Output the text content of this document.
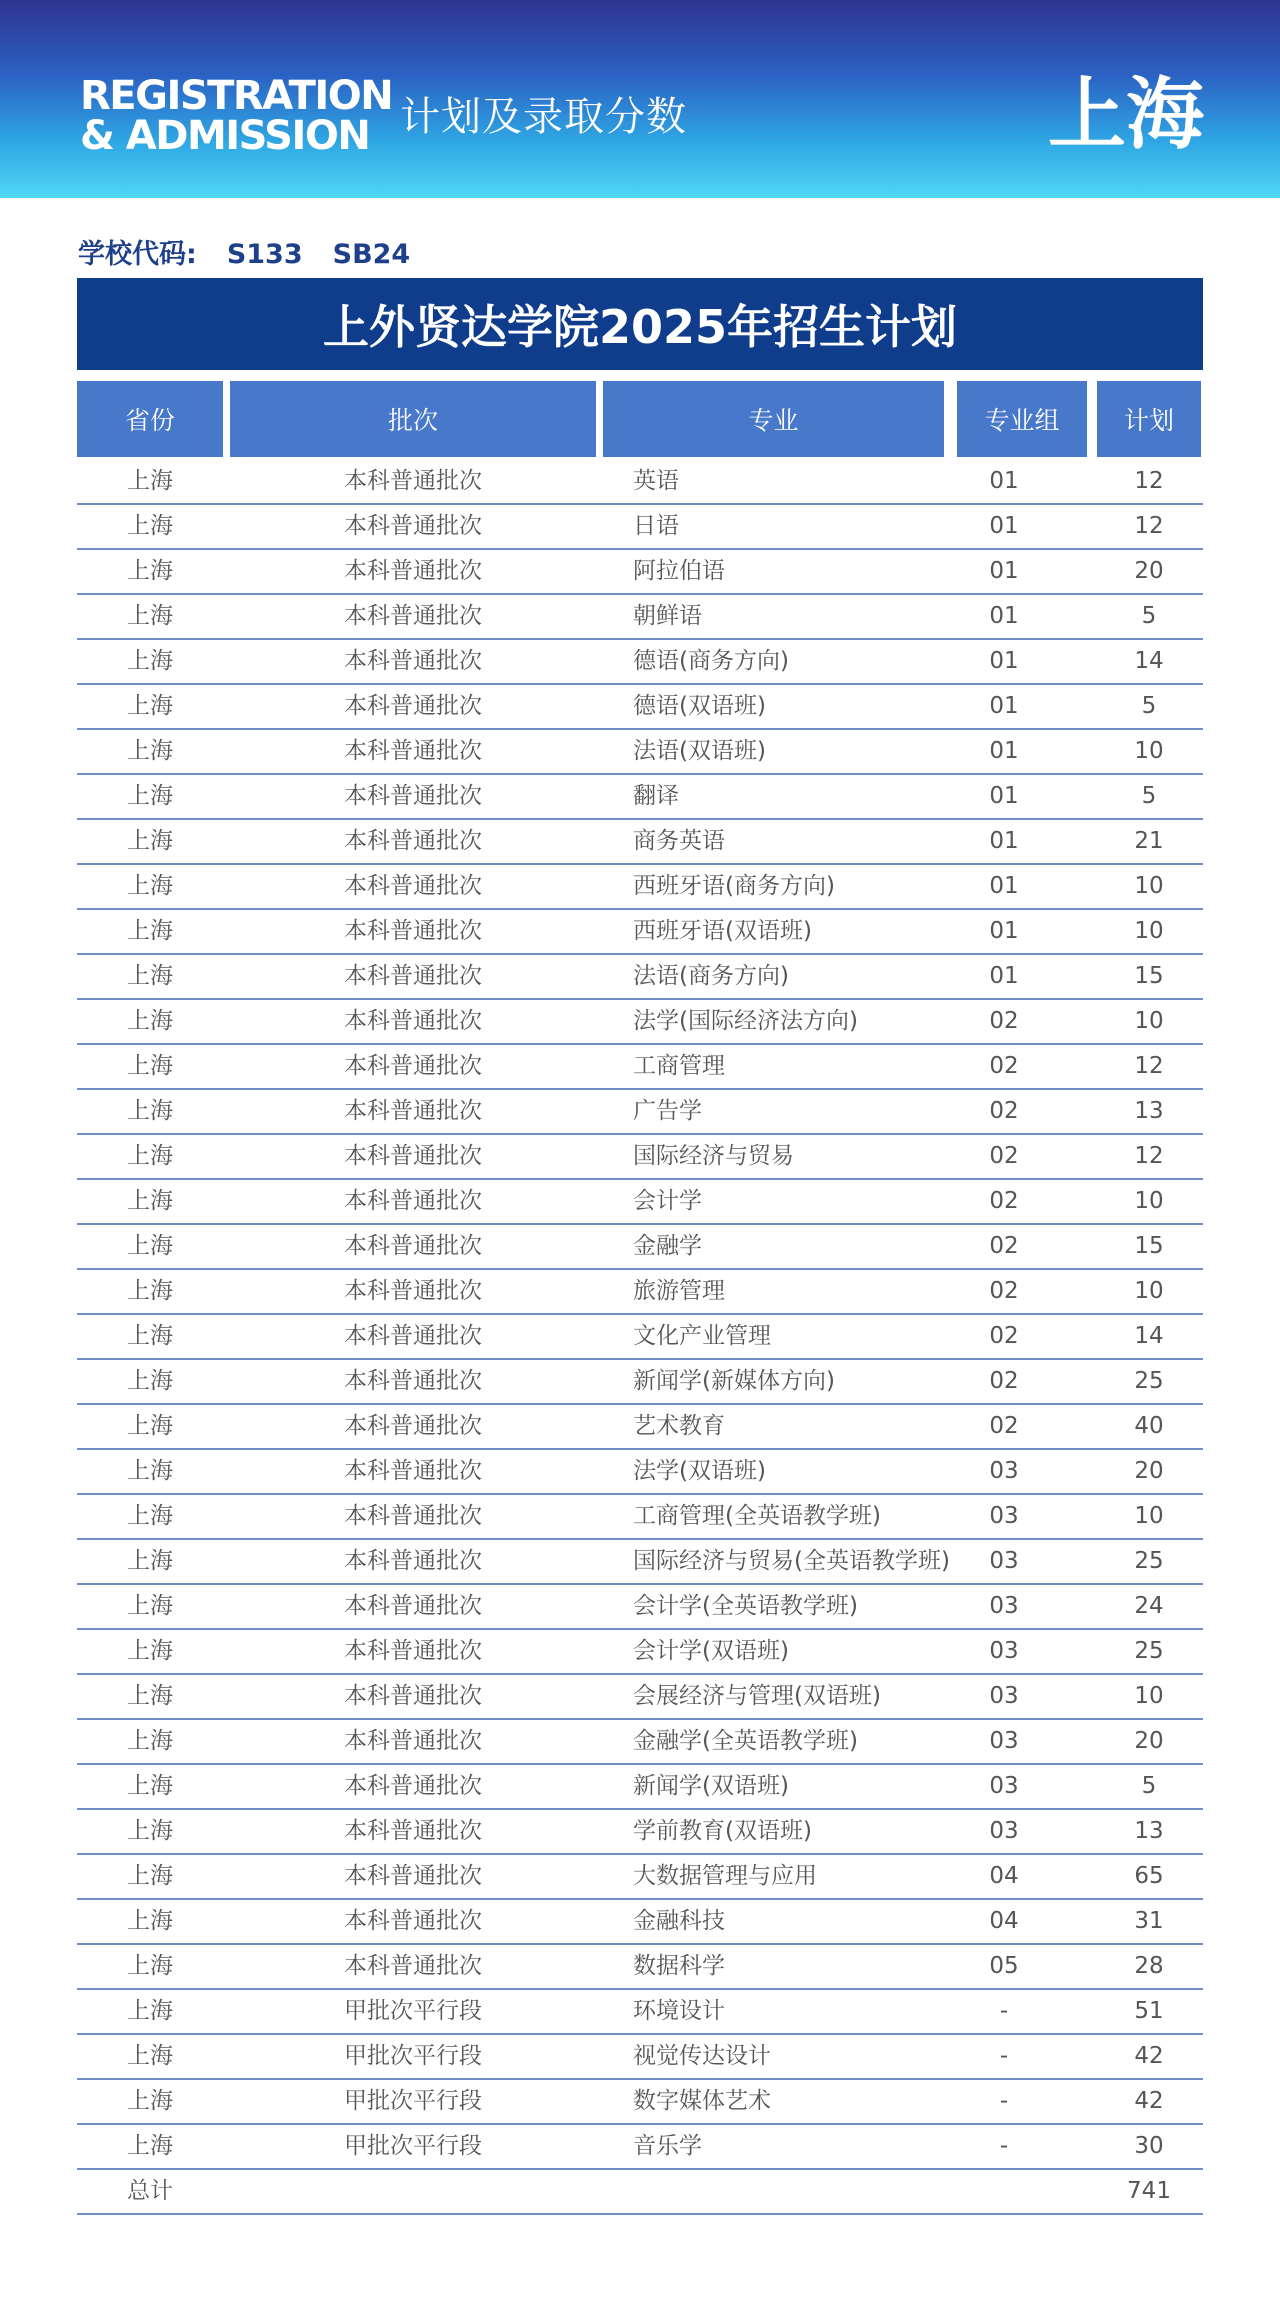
REGISTRATION
& ADMISSION 计划及录取分数	上海
学校代码: S133 SB24
上外贤达学院2025年招生计划
省份	批次	专业	专业组	计划
上海	本科普通批次	英语	01	12
上海	本科普通批次	日语	01	12
上海	本科普通批次	阿拉伯语	01	20
上海	本科普通批次	朝鲜语	01	5
上海	本科普通批次	德语(商务方向)	01	14
上海	本科普通批次	德语(双语班)	01	5
上海	本科普通批次	法语(双语班)	01	10
上海	本科普通批次	翻译	01	5
上海	本科普通批次	商务英语	01	21
上海	本科普通批次	西班牙语(商务方向)	01	10
上海	本科普通批次	西班牙语(双语班)	01	10
上海	本科普通批次	法语(商务方向)	01	15
上海	本科普通批次	法学(国际经济法方向)	02	10
上海	本科普通批次	工商管理	02	12
上海	本科普通批次	广告学	02	13
上海	本科普通批次	国际经济与贸易	02	12
上海	本科普通批次	会计学	02	10
上海	本科普通批次	金融学	02	15
上海	本科普通批次	旅游管理	02	10
上海	本科普通批次	文化产业管理	02	14
上海	本科普通批次	新闻学(新媒体方向)	02	25
上海	本科普通批次	艺术教育	02	40
上海	本科普通批次	法学(双语班)	03	20
上海	本科普通批次	工商管理(全英语教学班)	03	10
上海	本科普通批次	国际经济与贸易(全英语教学班)	03	25
上海	本科普通批次	会计学(全英语教学班)	03	24
上海	本科普通批次	会计学(双语班)	03	25
上海	本科普通批次	会展经济与管理(双语班)	03	10
上海	本科普通批次	金融学(全英语教学班)	03	20
上海	本科普通批次	新闻学(双语班)	03	5
上海	本科普通批次	学前教育(双语班)	03	13
上海	本科普通批次	大数据管理与应用	04	65
上海	本科普通批次	金融科技	04	31
上海	本科普通批次	数据科学	05	28
上海	甲批次平行段	环境设计	-	51
上海	甲批次平行段	视觉传达设计	-	42
上海	甲批次平行段	数字媒体艺术	-	42
上海	甲批次平行段	音乐学	-	30
总计	741
